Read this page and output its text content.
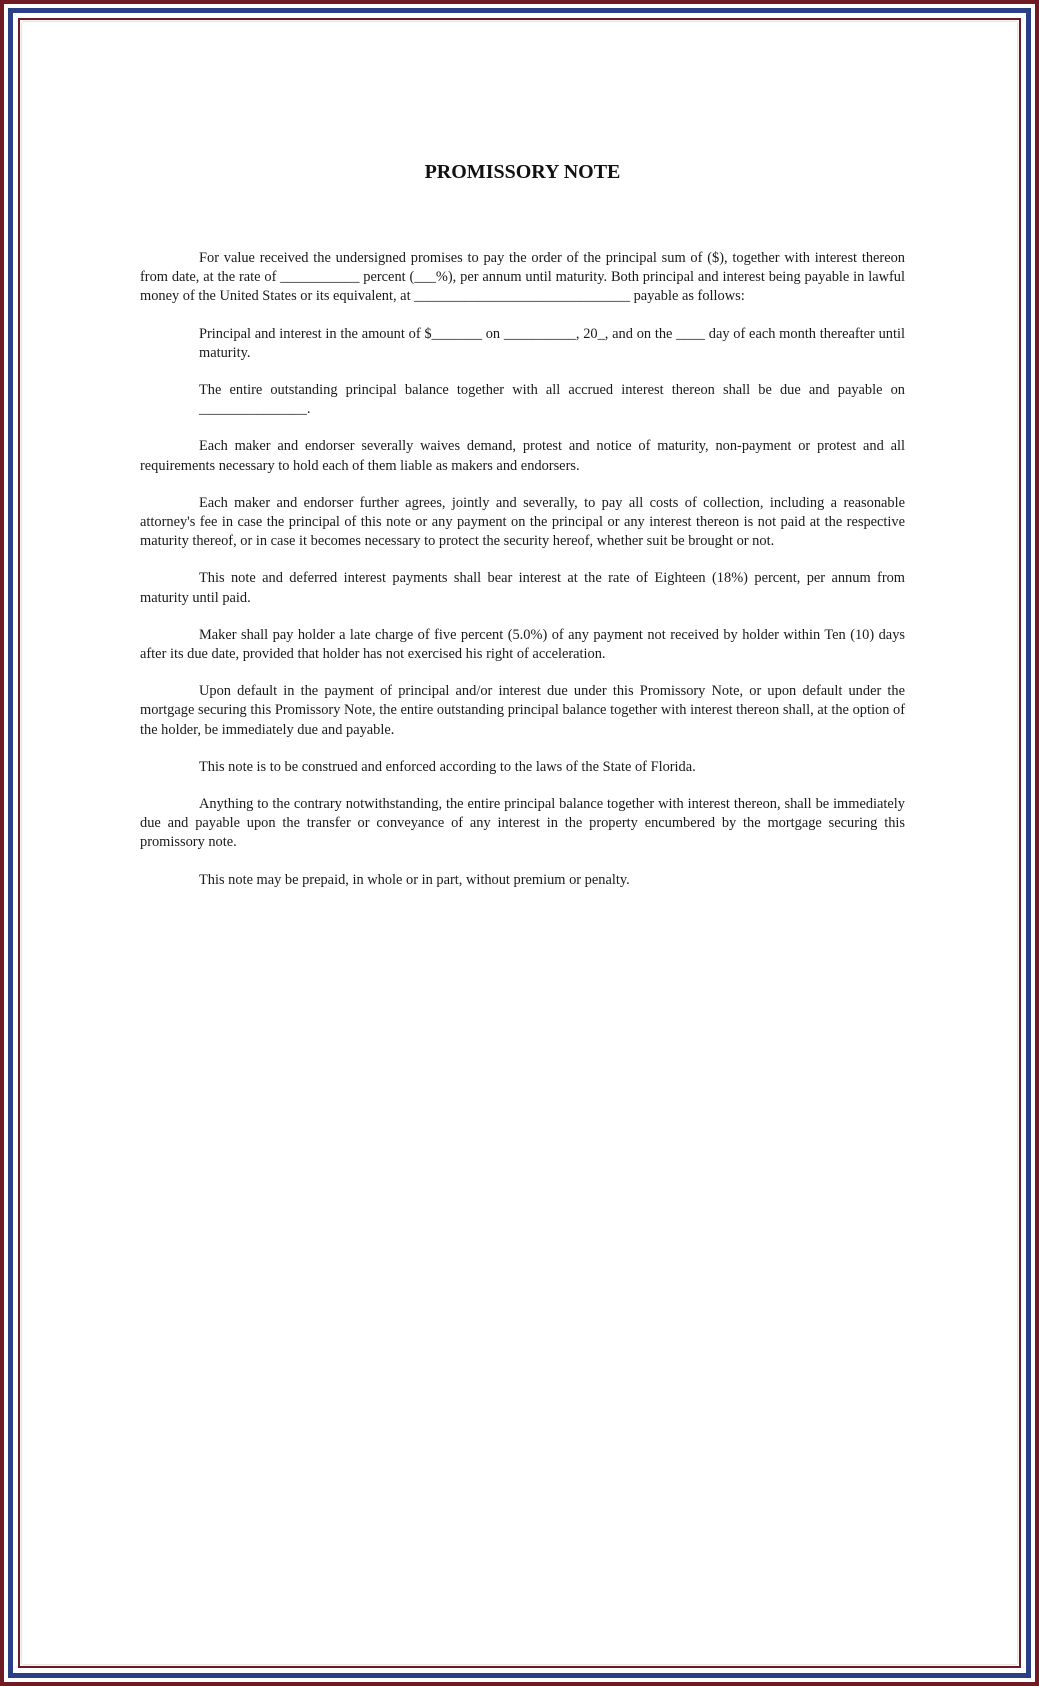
PROMISSORY NOTE

For value received the undersigned promises to pay the order of the principal sum of ($), together with interest thereon from date, at the rate of ___________ percent (___%), per annum until maturity. Both principal and interest being payable in lawful money of the United States or its equivalent, at ______________________________ payable as follows:

Principal and interest in the amount of $_______ on __________, 20_, and on the ____ day of each month thereafter until maturity.

The entire outstanding principal balance together with all accrued interest thereon shall be due and payable on _______________.

Each maker and endorser severally waives demand, protest and notice of maturity, non-payment or protest and all requirements necessary to hold each of them liable as makers and endorsers.

Each maker and endorser further agrees, jointly and severally, to pay all costs of collection, including a reasonable attorney's fee in case the principal of this note or any payment on the principal or any interest thereon is not paid at the respective maturity thereof, or in case it becomes necessary to protect the security hereof, whether suit be brought or not.

This note and deferred interest payments shall bear interest at the rate of Eighteen (18%) percent, per annum from maturity until paid.

Maker shall pay holder a late charge of five percent (5.0%) of any payment not received by holder within Ten (10) days after its due date, provided that holder has not exercised his right of acceleration.

Upon default in the payment of principal and/or interest due under this Promissory Note, or upon default under the mortgage securing this Promissory Note, the entire outstanding principal balance together with interest thereon shall, at the option of the holder, be immediately due and payable.

This note is to be construed and enforced according to the laws of the State of Florida.

Anything to the contrary notwithstanding, the entire principal balance together with interest thereon, shall be immediately due and payable upon the transfer or conveyance of any interest in the property encumbered by the mortgage securing this promissory note.

This note may be prepaid, in whole or in part, without premium or penalty.
